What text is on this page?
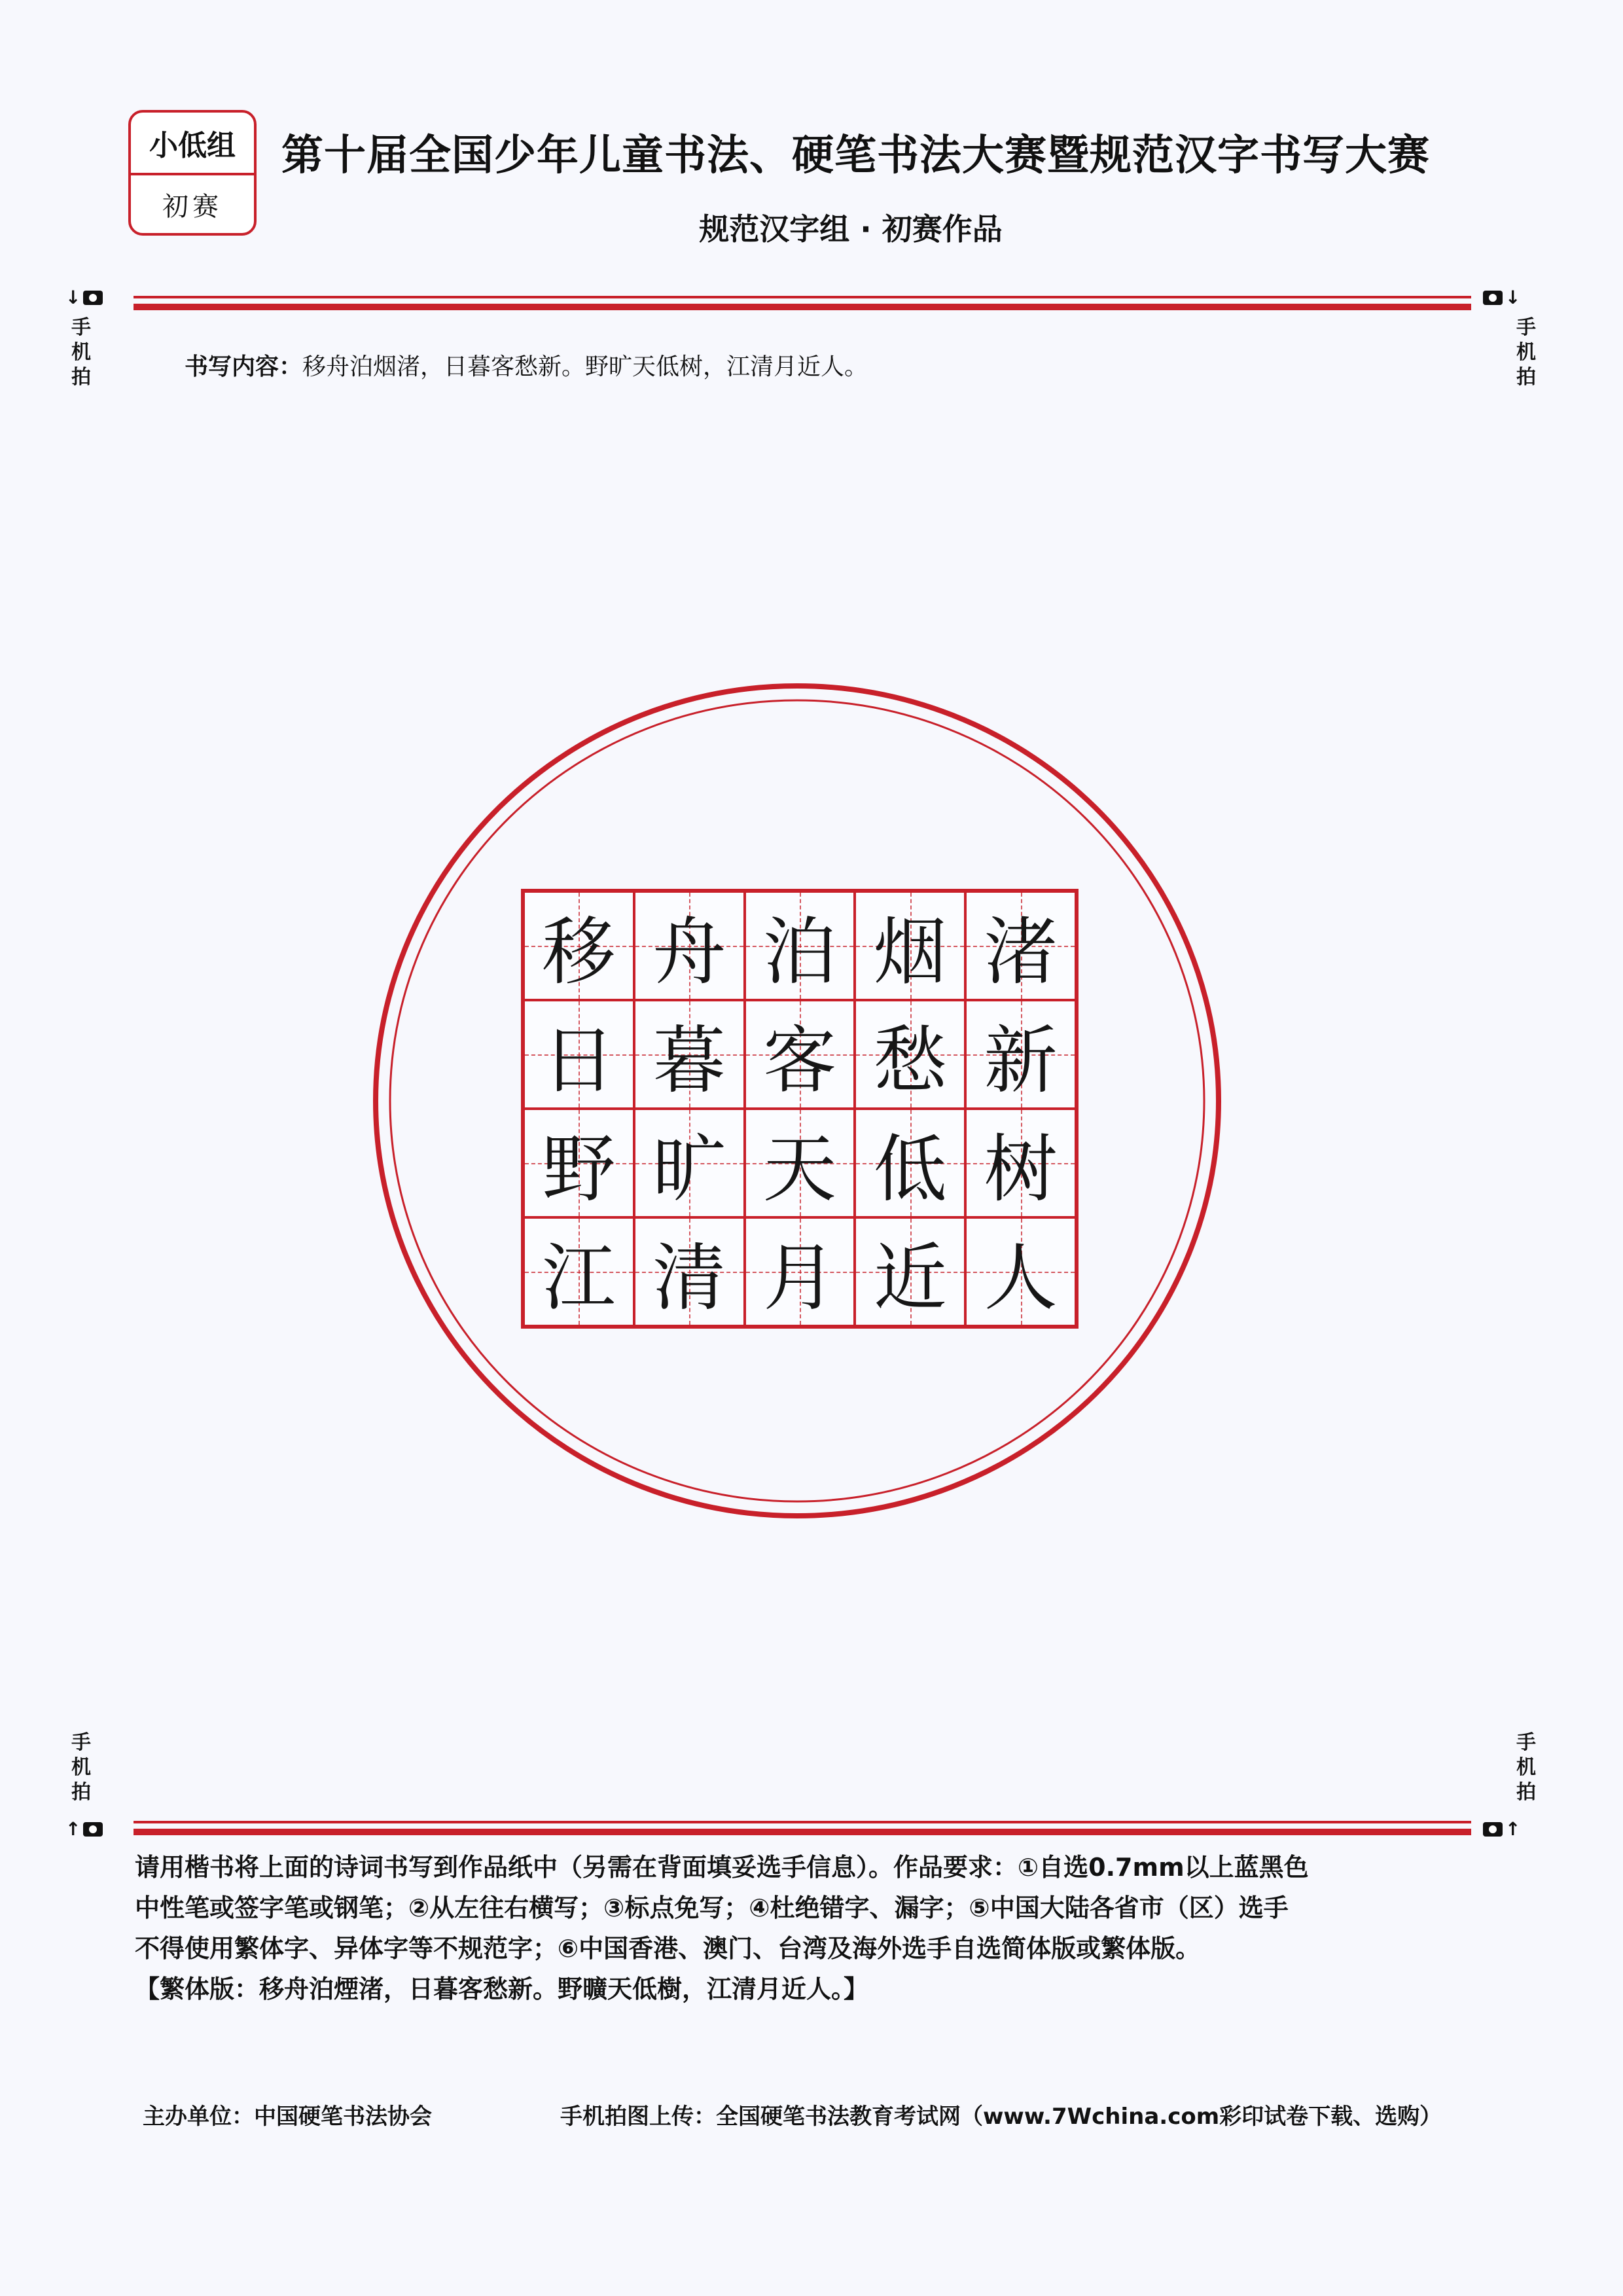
小低组
初赛
第十届全国少年儿童书法、硬笔书法大赛暨规范汉字书写大赛
规范汉字组 · 初赛作品
↓	↓
手
机
拍
手
机
拍
书写内容：移舟泊烟渚，日暮客愁新。野旷天低树，江清月近人。
移 舟 泊 烟 渚
日 暮 客 愁 新
野 旷 天 低 树
江 清 月 近 人
手
机
拍
手
机
拍
↑	↑

请用楷书将上面的诗词书写到作品纸中（另需在背面填妥选手信息）。作品要求：①自选0.7mm以上蓝黑色

中性笔或签字笔或钢笔；②从左往右横写；③标点免写；④杜绝错字、漏字；⑤中国大陆各省市（区）选手

不得使用繁体字、异体字等不规范字；⑥中国香港、澳门、台湾及海外选手自选简体版或繁体版。

【繁体版：移舟泊煙渚，日暮客愁新。野曠天低樹，江清月近人。】

主办单位：中国硬笔书法协会	手机拍图上传：全国硬笔书法教育考试网（www.7Wchina.com彩印试卷下载、选购）
